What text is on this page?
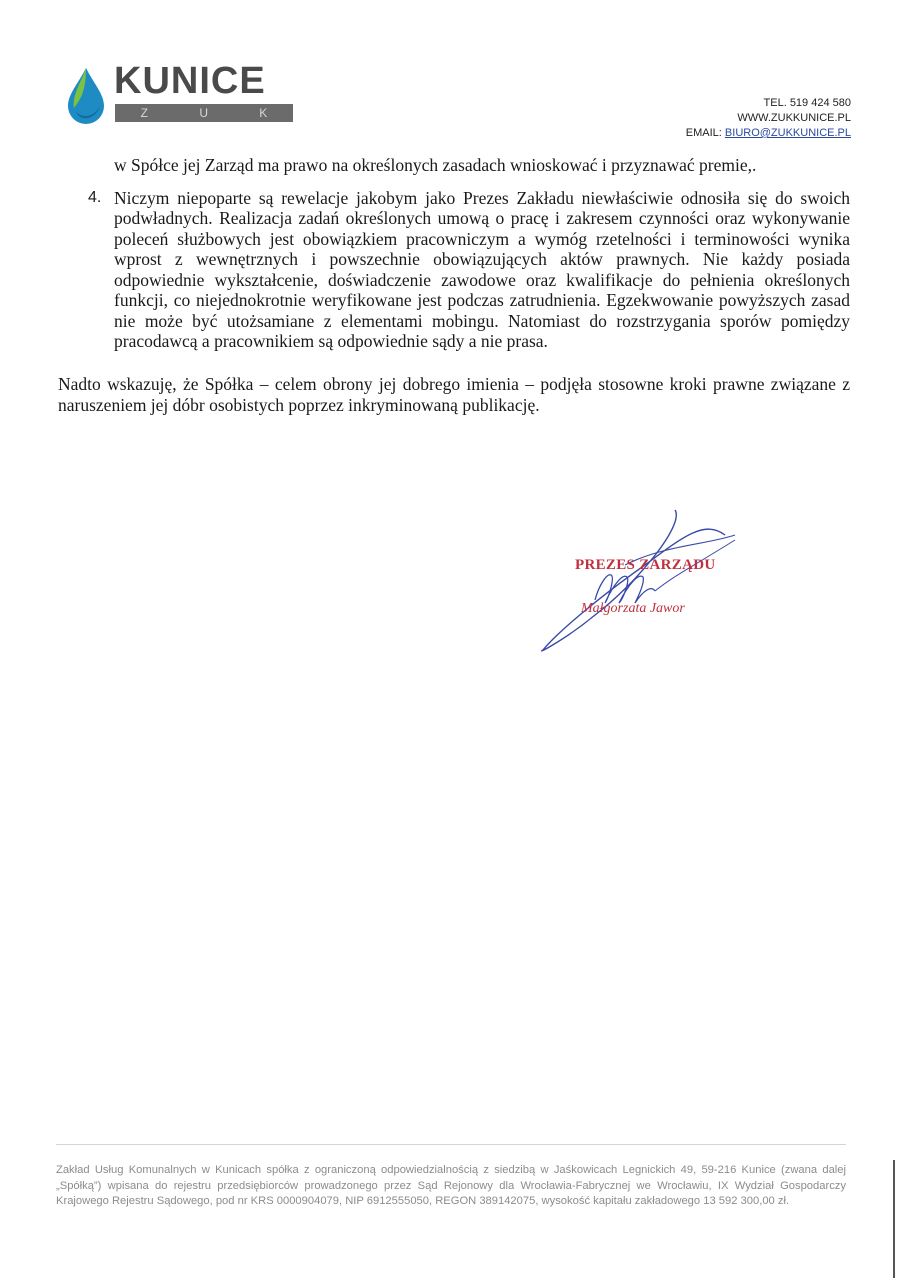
KUNICE
Z	U	K
TEL. 519 424 580
WWW.ZUKKUNICE.PL
EMAIL: BIURO@ZUKKUNICE.PL

w Spółce jej Zarząd ma prawo na określonych zasadach wnioskować i przyznawać premie,.

4. Niczym niepoparte są rewelacje jakobym jako Prezes Zakładu niewłaściwie odnosiła się do swoich podwładnych. Realizacja zadań określonych umową o pracę i zakresem czynności oraz wykonywanie poleceń służbowych jest obowiązkiem pracowniczym a wymóg rzetelności i terminowości wynika wprost z wewnętrznych i powszechnie obowiązujących aktów prawnych. Nie każdy posiada odpowiednie wykształcenie, doświadczenie zawodowe oraz kwalifikacje do pełnienia określonych funkcji, co niejednokrotnie weryfikowane jest podczas zatrudnienia. Egzekwowanie powyższych zasad nie może być utożsamiane z elementami mobingu. Natomiast do rozstrzygania sporów pomiędzy pracodawcą a pracownikiem są odpowiednie sądy a nie prasa.

Nadto wskazuję, że Spółka – celem obrony jej dobrego imienia – podjęła stosowne kroki prawne związane z naruszeniem jej dóbr osobistych poprzez inkryminowaną publikację.

PREZES ZARZĄDU
Małgorzata Jawor
Zakład Usług Komunalnych w Kunicach spółka z ograniczoną odpowiedzialnością z siedzibą w Jaśkowicach Legnickich 49, 59-216 Kunice (zwana dalej „Spółką”) wpisana do rejestru przedsiębiorców prowadzonego przez Sąd Rejonowy dla Wrocławia-Fabrycznej we Wrocławiu, IX Wydział Gospodarczy Krajowego Rejestru Sądowego, pod nr KRS 0000904079, NIP 6912555050, REGON 389142075, wysokość kapitału zakładowego 13 592 300,00 zł.
